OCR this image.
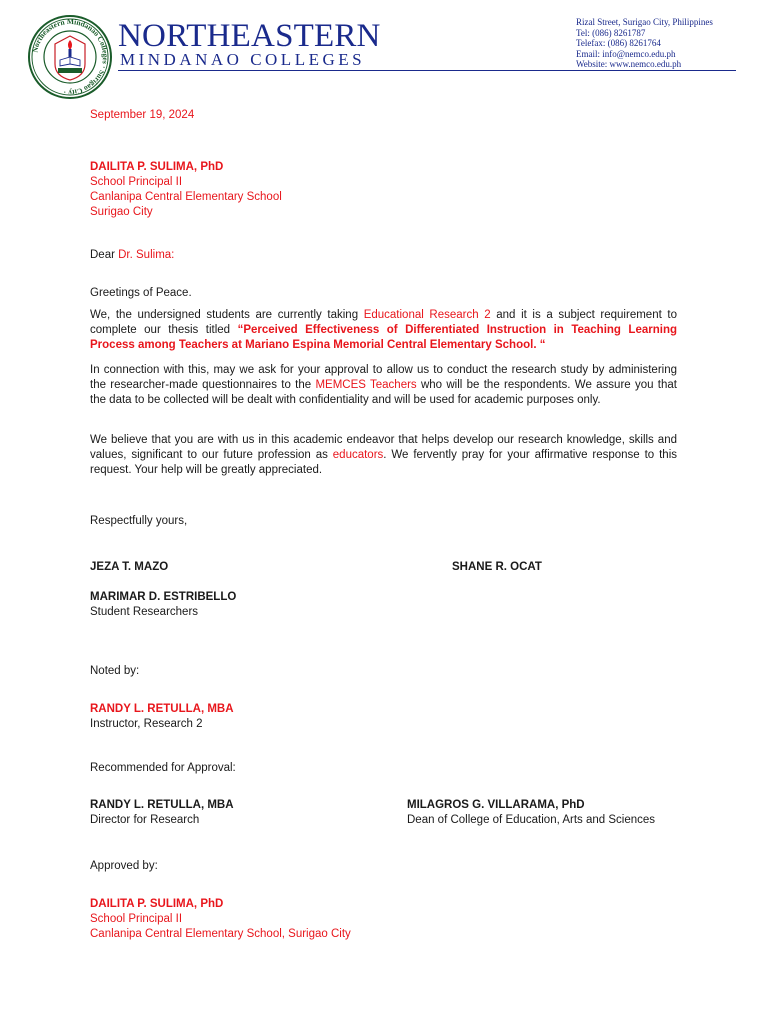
Northeastern Mindanao Colleges · Surigao City ·
NORTHEASTERN
MINDANAO COLLEGES
Rizal Street, Surigao City, Philippines
Tel: (086) 8261787
Telefax: (086) 8261764
Email: info@nemco.edu.ph
Website: www.nemco.edu.ph
September 19, 2024
DAILITA P. SULIMA, PhD
School Principal II
Canlanipa Central Elementary School
Surigao City
Dear Dr. Sulima:
Greetings of Peace.
We, the undersigned students are currently taking Educational Research 2 and it is a subject requirement to complete our thesis titled “Perceived Effectiveness of Differentiated Instruction in Teaching Learning Process among Teachers at Mariano Espina Memorial Central Elementary School. “
In connection with this, may we ask for your approval to allow us to conduct the research study by administering the researcher-made questionnaires to the MEMCES Teachers who will be the respondents. We assure you that the data to be collected will be dealt with confidentiality and will be used for academic purposes only.
We believe that you are with us in this academic endeavor that helps develop our research knowledge, skills and values, significant to our future profession as educators. We fervently pray for your affirmative response to this request. Your help will be greatly appreciated.
Respectfully yours,
JEZA T. MAZO	SHANE R. OCAT
MARIMAR D. ESTRIBELLO
Student Researchers
Noted by:
RANDY L. RETULLA, MBA
Instructor, Research 2
Recommended for Approval:
RANDY L. RETULLA, MBA
Director for Research
MILAGROS G. VILLARAMA, PhD
Dean of College of Education, Arts and Sciences
Approved by:
DAILITA P. SULIMA, PhD
School Principal II
Canlanipa Central Elementary School, Surigao City
